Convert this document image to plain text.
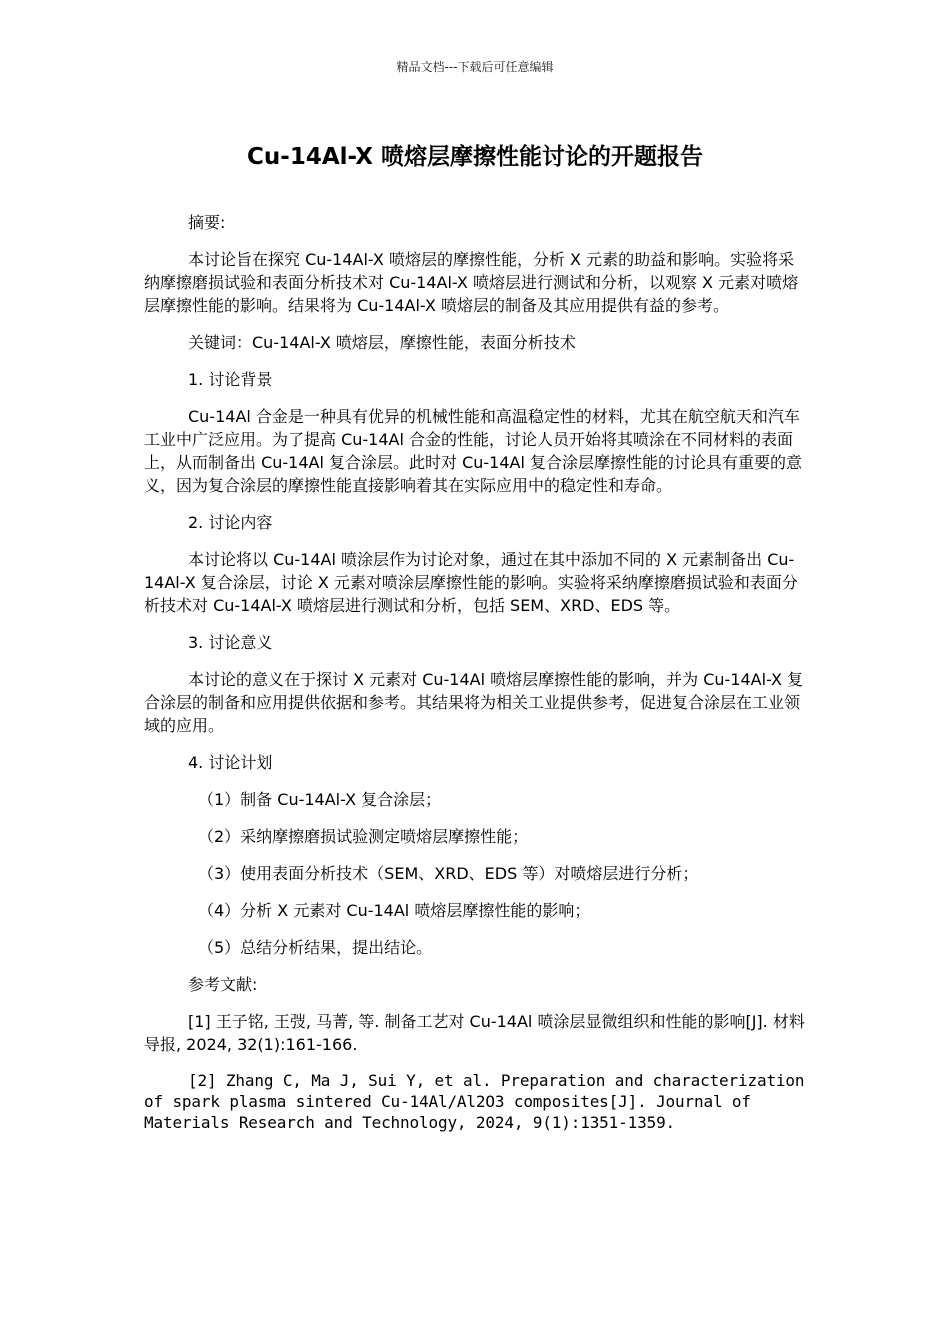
精品文档---下载后可任意编辑
Cu-14Al-X 喷熔层摩擦性能讨论的开题报告

摘要:

本讨论旨在探究 Cu-14Al-X 喷熔层的摩擦性能，分析 X 元素的助益和影响。实验将采纳摩擦磨损试验和表面分析技术对 Cu-14Al-X 喷熔层进行测试和分析，以观察 X 元素对喷熔层摩擦性能的影响。结果将为 Cu-14Al-X 喷熔层的制备及其应用提供有益的参考。

关键词：Cu-14Al-X 喷熔层，摩擦性能，表面分析技术

1. 讨论背景

Cu-14Al 合金是一种具有优异的机械性能和高温稳定性的材料，尤其在航空航天和汽车工业中广泛应用。为了提高 Cu-14Al 合金的性能，讨论人员开始将其喷涂在不同材料的表面上，从而制备出 Cu-14Al 复合涂层。此时对 Cu-14Al 复合涂层摩擦性能的讨论具有重要的意义，因为复合涂层的摩擦性能直接影响着其在实际应用中的稳定性和寿命。

2. 讨论内容

本讨论将以 Cu-14Al 喷涂层作为讨论对象，通过在其中添加不同的 X 元素制备出 Cu-14Al-X 复合涂层，讨论 X 元素对喷涂层摩擦性能的影响。实验将采纳摩擦磨损试验和表面分析技术对 Cu-14Al-X 喷熔层进行测试和分析，包括 SEM、XRD、EDS 等。

3. 讨论意义

本讨论的意义在于探讨 X 元素对 Cu-14Al 喷熔层摩擦性能的影响，并为 Cu-14Al-X 复合涂层的制备和应用提供依据和参考。其结果将为相关工业提供参考，促进复合涂层在工业领域的应用。

4. 讨论计划

（1）制备 Cu-14Al-X 复合涂层；

（2）采纳摩擦磨损试验测定喷熔层摩擦性能；

（3）使用表面分析技术（SEM、XRD、EDS 等）对喷熔层进行分析；

（4）分析 X 元素对 Cu-14Al 喷熔层摩擦性能的影响；

（5）总结分析结果，提出结论。

参考文献:

[1] 王子铭, 王弢, 马菁, 等. 制备工艺对 Cu-14Al 喷涂层显微组织和性能的影响[J]. 材料导报, 2024, 32(1):161-166.

[2] Zhang C, Ma J, Sui Y, et al. Preparation and characterization of spark plasma sintered Cu-14Al/Al2O3 composites[J]. Journal of Materials Research and Technology, 2024, 9(1):1351-1359.
